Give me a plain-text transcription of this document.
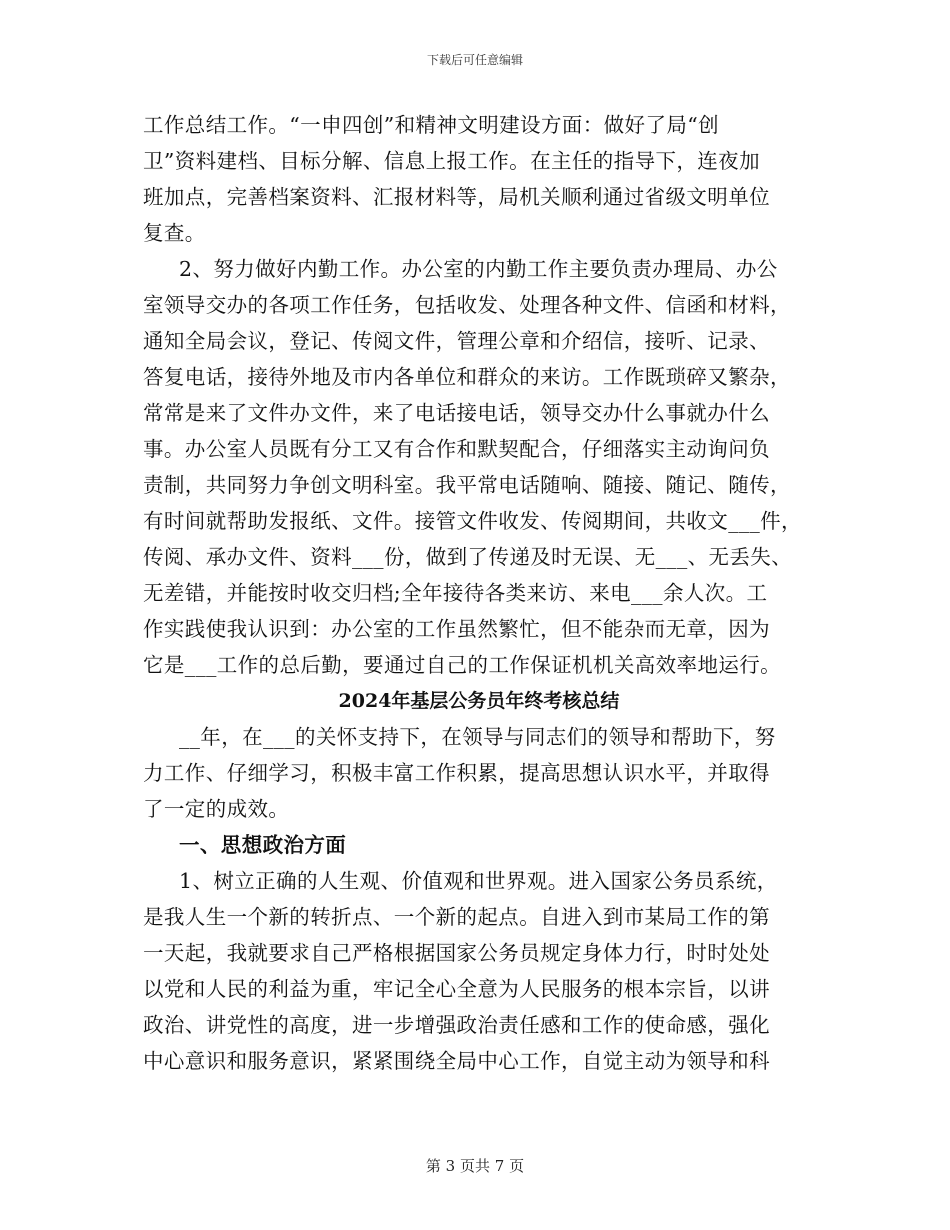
下载后可任意编辑
工作总结工作。“一申四创”和精神文明建设方面：做好了局“创
卫”资料建档、目标分解、信息上报工作。在主任的指导下，连夜加
班加点，完善档案资料、汇报材料等，局机关顺利通过省级文明单位
复查。
2、努力做好内勤工作。办公室的内勤工作主要负责办理局、办公
室领导交办的各项工作任务，包括收发、处理各种文件、信函和材料，
通知全局会议，登记、传阅文件，管理公章和介绍信，接听、记录、
答复电话，接待外地及市内各单位和群众的来访。工作既琐碎又繁杂，
常常是来了文件办文件，来了电话接电话，领导交办什么事就办什么
事。办公室人员既有分工又有合作和默契配合，仔细落实主动询问负
责制，共同努力争创文明科室。我平常电话随响、随接、随记、随传，
有时间就帮助发报纸、文件。接管文件收发、传阅期间，共收文___件，
传阅、承办文件、资料___份，做到了传递及时无误、无___、无丢失、
无差错，并能按时收交归档;全年接待各类来访、来电___余人次。工
作实践使我认识到：办公室的工作虽然繁忙，但不能杂而无章，因为
它是___工作的总后勤，要通过自己的工作保证机机关高效率地运行。
2024年基层公务员年终考核总结
__年，在___的关怀支持下，在领导与同志们的领导和帮助下，努
力工作、仔细学习，积极丰富工作积累，提高思想认识水平，并取得
了一定的成效。
一、思想政治方面
1、树立正确的人生观、价值观和世界观。进入国家公务员系统，
是我人生一个新的转折点、一个新的起点。自进入到市某局工作的第
一天起，我就要求自己严格根据国家公务员规定身体力行，时时处处
以党和人民的利益为重，牢记全心全意为人民服务的根本宗旨，以讲
政治、讲党性的高度，进一步增强政治责任感和工作的使命感，强化
中心意识和服务意识，紧紧围绕全局中心工作，自觉主动为领导和科
第 3 页共 7 页
